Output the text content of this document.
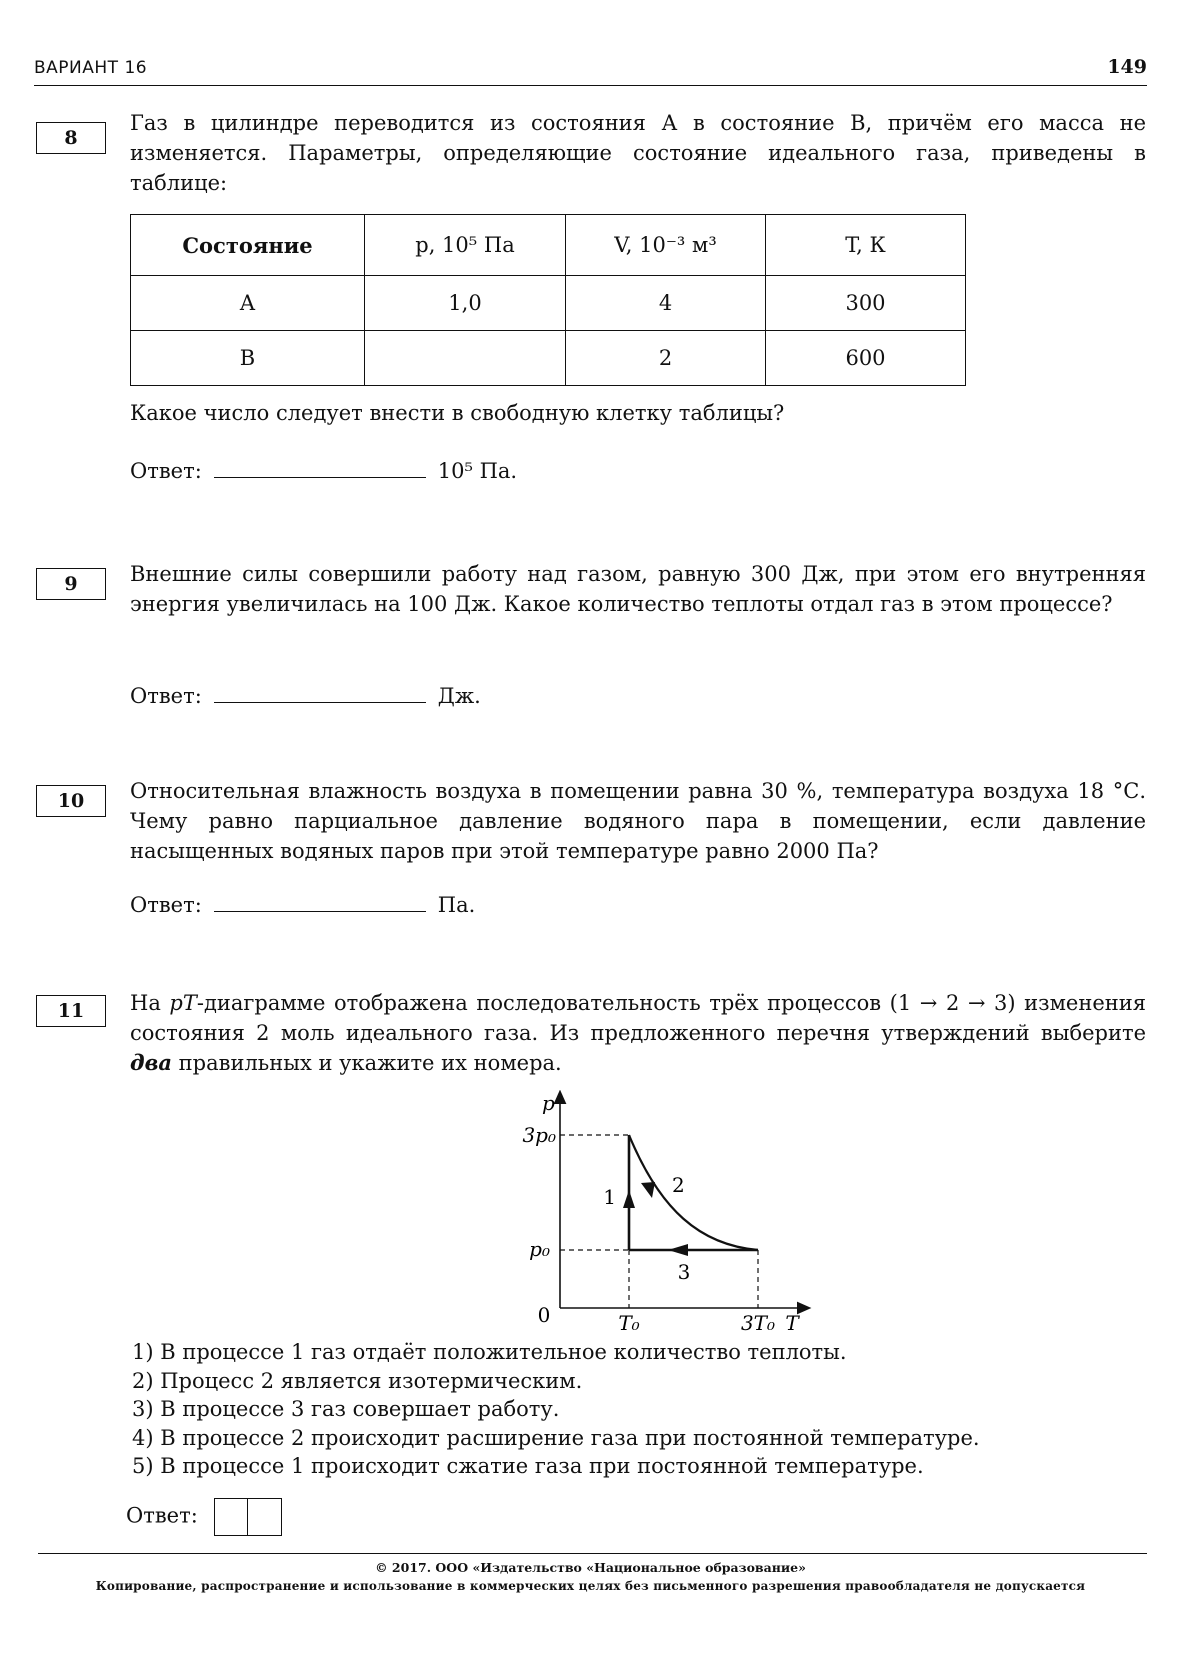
ВАРИАНТ 16	149
8
Газ в цилиндре переводится из состояния А в состояние В, причём его масса не изменяется. Параметры, определяющие состояние идеального газа, приведены в таблице:
Состояние	p, 10⁵ Па	V, 10⁻³ м³	T, К
А	1,0	4	300
В		2	600
Какое число следует внести в свободную клетку таблицы?
Ответ:	10⁵ Па.
9	Внешние силы совершили работу над газом, равную 300 Дж, при этом его внутренняя энергия увеличилась на 100 Дж. Какое количество теплоты отдал газ в этом процессе?
Ответ:	Дж.
10	Относительная влажность воздуха в помещении равна 30 %, температура воздуха 18 °С. Чему равно парциальное давление водяного пара в помещении, если давление насыщенных водяных паров при этой температуре равно 2000 Па?
Ответ:	Па.
11	На pT-диаграмме отображена последовательность трёх процессов (1 → 2 → 3) изменения состояния 2 моль идеального газа. Из предложенного перечня утверждений выберите два правильных и укажите их номера.
p
3p₀
p₀
0	T₀	3T₀ T
1	2
3
1) В процессе 1 газ отдаёт положительное количество теплоты.
2) Процесс 2 является изотермическим.
3) В процессе 3 газ совершает работу.
4) В процессе 2 происходит расширение газа при постоянной температуре.
5) В процессе 1 происходит сжатие газа при постоянной температуре.
Ответ:
© 2017. ООО «Издательство «Национальное образование»
Копирование, распространение и использование в коммерческих целях без письменного разрешения правообладателя не допускается
